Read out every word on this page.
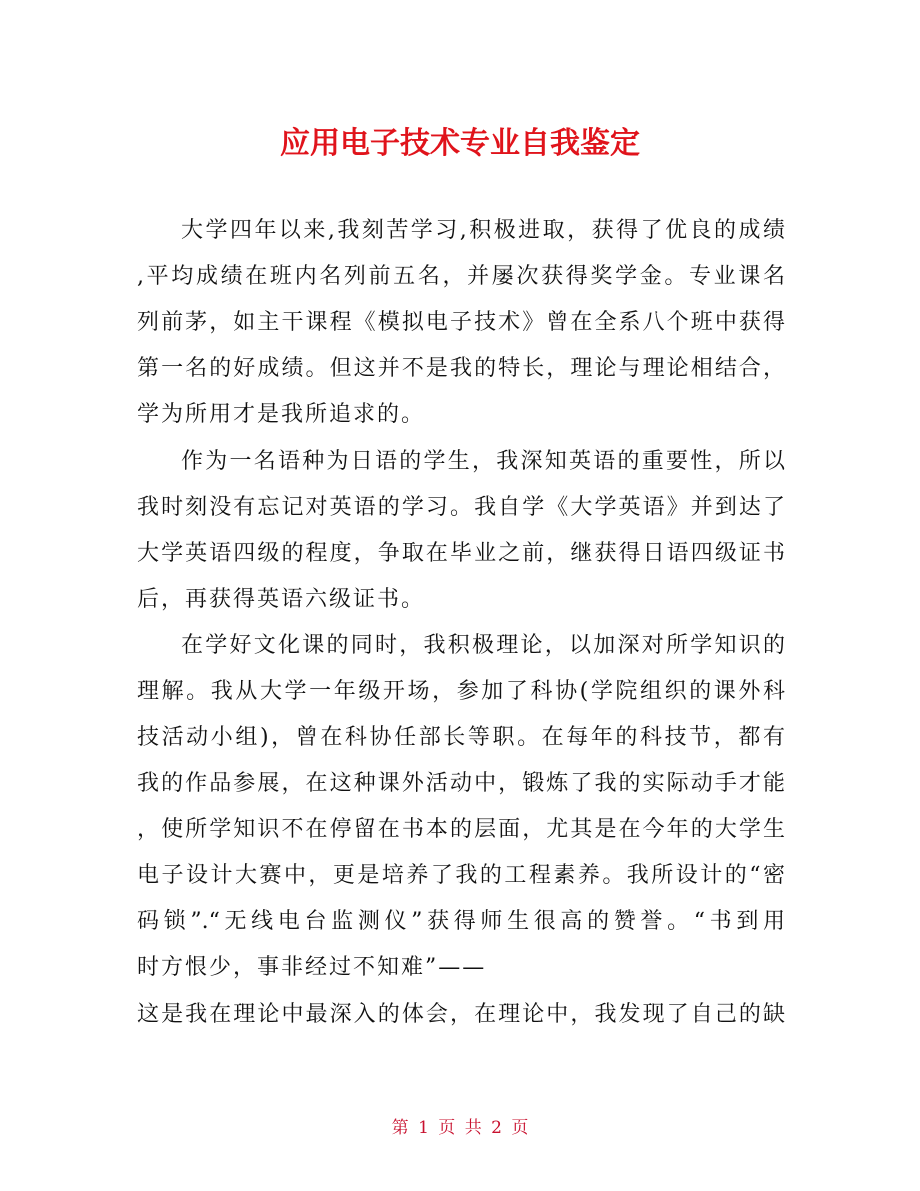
应用电子技术专业自我鉴定
大学四年以来,我刻苦学习,积极进取，获得了优良的成绩
,平均成绩在班内名列前五名，并屡次获得奖学金。专业课名
列前茅，如主干课程《模拟电子技术》曾在全系八个班中获得
第一名的好成绩。但这并不是我的特长，理论与理论相结合，
学为所用才是我所追求的。
作为一名语种为日语的学生，我深知英语的重要性，所以
我时刻没有忘记对英语的学习。我自学《大学英语》并到达了
大学英语四级的程度，争取在毕业之前，继获得日语四级证书
后，再获得英语六级证书。
在学好文化课的同时，我积极理论，以加深对所学知识的
理解。我从大学一年级开场，参加了科协(学院组织的课外科
技活动小组)，曾在科协任部长等职。在每年的科技节，都有
我的作品参展，在这种课外活动中，锻炼了我的实际动手才能
，使所学知识不在停留在书本的层面，尤其是在今年的大学生
电子设计大赛中，更是培养了我的工程素养。我所设计的“密
码锁”.“无线电台监测仪”获得师生很高的赞誉。“书到用
时方恨少，事非经过不知难”——
这是我在理论中最深入的体会，在理论中，我发现了自己的缺
第 1 页 共 2 页
